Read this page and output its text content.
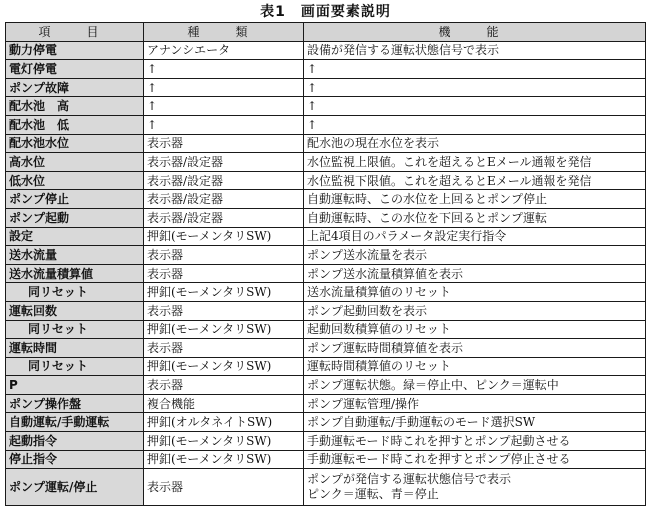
表1　画面要素説明
項　目	種　類	機　能
動力停電	アナンシエータ	設備が発信する運転状態信号で表示
電灯停電	↑	↑
ポンプ故障	↑	↑
配水池　高	↑	↑
配水池　低	↑	↑
配水池水位	表示器	配水池の現在水位を表示
高水位	表示器/設定器	水位監視上限値。これを超えるとEメール通報を発信
低水位	表示器/設定器	水位監視下限値。これを超えるとEメール通報を発信
ポンプ停止	表示器/設定器	自動運転時、この水位を上回るとポンプ停止
ポンプ起動	表示器/設定器	自動運転時、この水位を下回るとポンプ運転
設定	押釦(モーメンタリSW)	上記4項目のパラメータ設定実行指令
送水流量	表示器	ポンプ送水流量を表示
送水流量積算値	表示器	ポンプ送水流量積算値を表示
同リセット	押釦(モーメンタリSW)	送水流量積算値のリセット
運転回数	表示器	ポンプ起動回数を表示
同リセット	押釦(モーメンタリSW)	起動回数積算値のリセット
運転時間	表示器	ポンプ運転時間積算値を表示
同リセット	押釦(モーメンタリSW)	運転時間積算値のリセット
P	表示器	ポンプ運転状態。緑＝停止中、ピンク＝運転中
ポンプ操作盤	複合機能	ポンプ運転管理/操作
自動運転/手動運転	押釦(オルタネイトSW)	ポンプ自動運転/手動運転のモード選択SW
起動指令	押釦(モーメンタリSW)	手動運転モード時これを押すとポンプ起動させる
停止指令	押釦(モーメンタリSW)	手動運転モード時これを押すとポンプ停止させる
ポンプ運転/停止	表示器	ポンプが発信する運転状態信号で表示
ピンク＝運転、青＝停止
